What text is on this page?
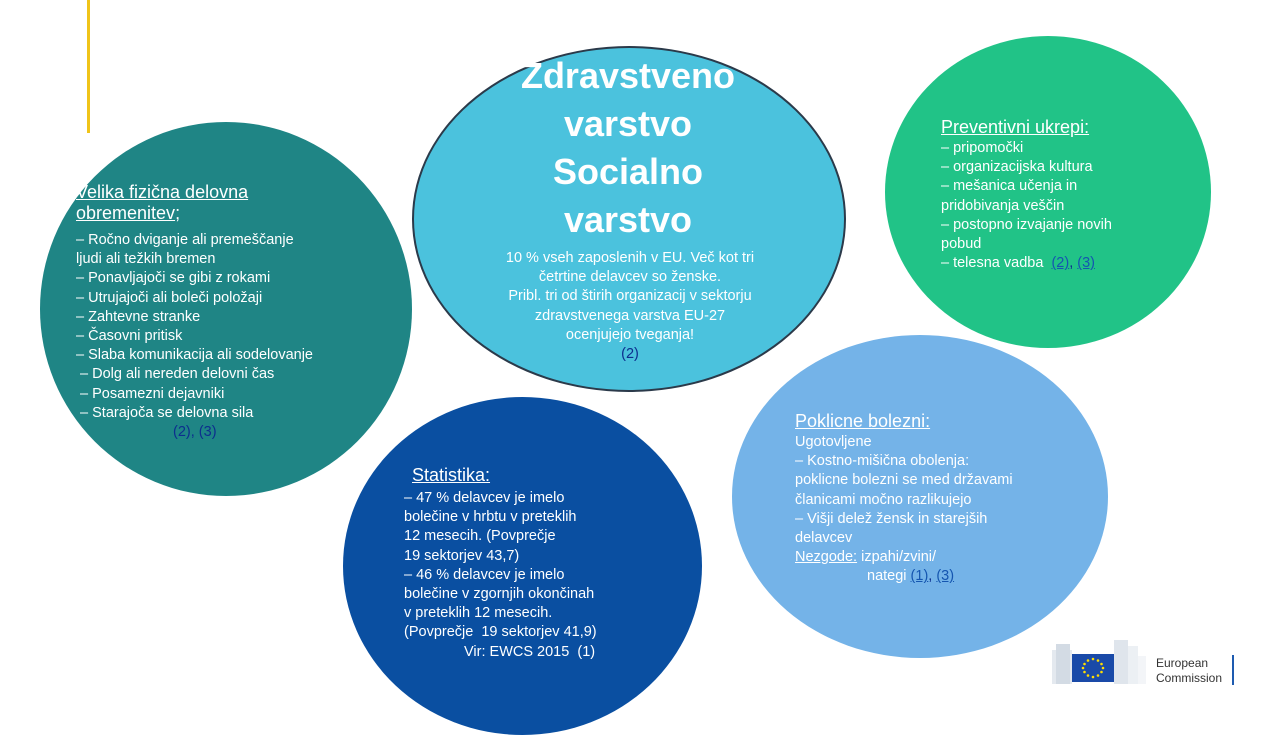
Zdravstveno
varstvo
Socialno
varstvo
10 % vseh zaposlenih v EU. Več kot tri
četrtine delavcev so ženske.
Pribl. tri od štirih organizacij v sektorju
zdravstvenega varstva EU-27
ocenjujejo tveganja!
(2)
Velika fizična delovna obremenitev;
– Ročno dviganje ali premeščanje
ljudi ali težkih bremen
– Ponavljajoči se gibi z rokami
– Utrujajoči ali boleči položaji
– Zahtevne stranke
– Časovni pritisk
– Slaba komunikacija ali sodelovanje
– Dolg ali nereden delovni čas
– Posamezni dejavniki
– Starajoča se delovna sila
(2), (3)
Preventivni ukrepi:
– pripomočki
– organizacijska kultura
– mešanica učenja in
pridobivanja veščin
– postopno izvajanje novih
pobud
– telesna vadba (2), (3)
Statistika:
– 47 % delavcev je imelo
bolečine v hrbtu v preteklih
12 mesecih. (Povprečje
19 sektorjev 43,7)
– 46 % delavcev je imelo
bolečine v zgornjih okončinah
v preteklih 12 mesecih.
(Povprečje  19 sektorjev 41,9)
Vir: EWCS 2015  (1)
Poklicne bolezni:
Ugotovljene
– Kostno-mišična obolenja:
poklicne bolezni se med državami
članicami močno razlikujejo
– Višji delež žensk in starejših
delavcev
Nezgode: izpahi/zvini/
nategi (1), (3)
European
Commission
